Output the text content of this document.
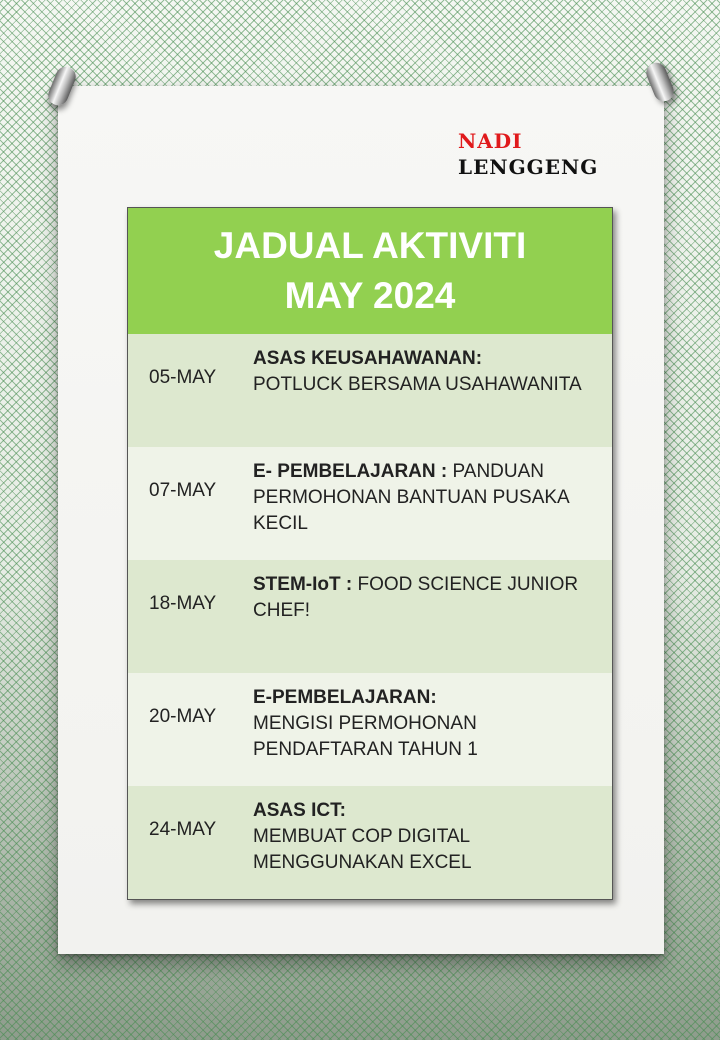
NADI
LENGGENG
JADUAL AKTIVITI
MAY 2024
05-MAY
ASAS KEUSAHAWANAN:
POTLUCK BERSAMA USAHAWANITA
07-MAY
E- PEMBELAJARAN : PANDUAN PERMOHONAN BANTUAN PUSAKA KECIL
18-MAY
STEM-IoT : FOOD SCIENCE JUNIOR CHEF!
20-MAY
E-PEMBELAJARAN:
MENGISI PERMOHONAN PENDAFTARAN TAHUN 1
24-MAY
ASAS ICT:
MEMBUAT COP DIGITAL MENGGUNAKAN EXCEL
